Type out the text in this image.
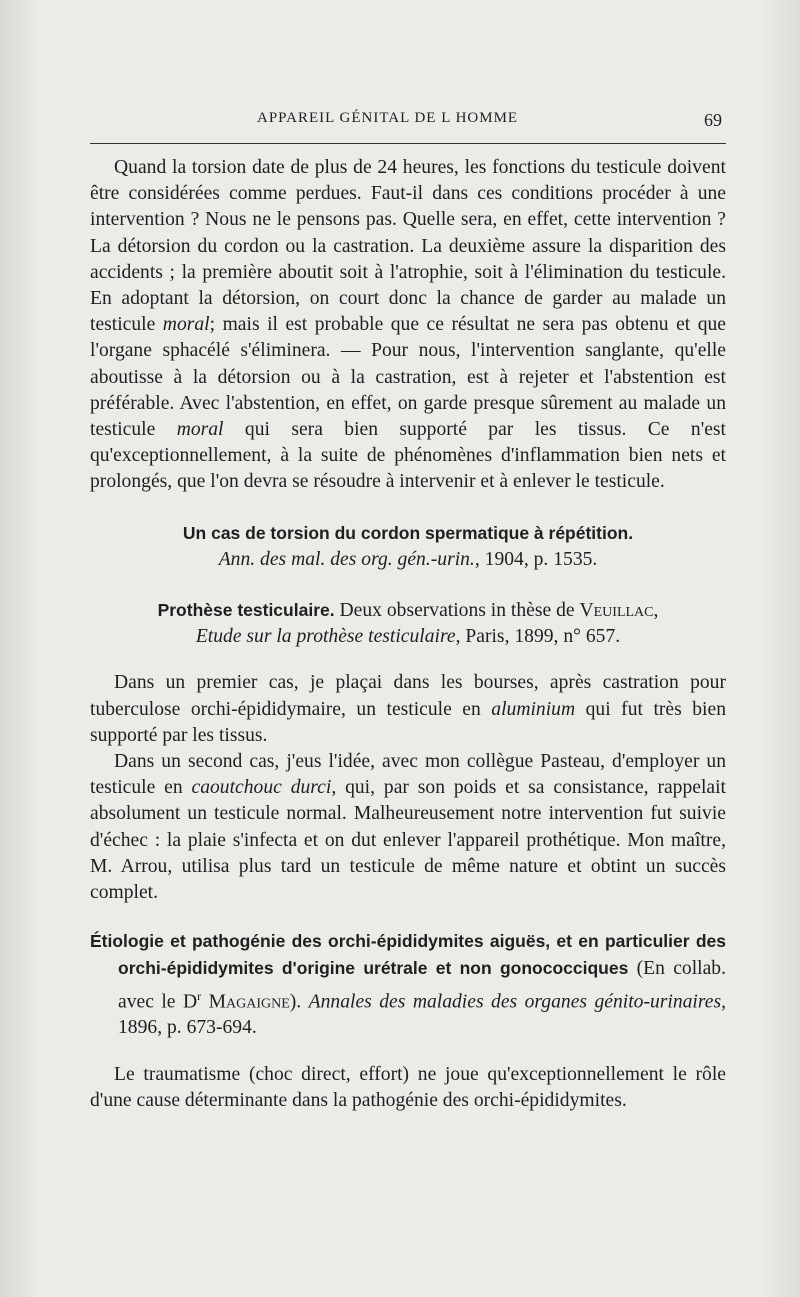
APPAREIL GÉNITAL DE L HOMME	69

Quand la torsion date de plus de 24 heures, les fonctions du testicule doivent être considérées comme perdues. Faut-il dans ces conditions procéder à une intervention ? Nous ne le pensons pas. Quelle sera, en effet, cette intervention ? La détorsion du cordon ou la castration. La deuxième assure la disparition des accidents ; la première aboutit soit à l'atrophie, soit à l'élimination du testicule. En adoptant la détorsion, on court donc la chance de garder au malade un testicule moral; mais il est probable que ce résultat ne sera pas obtenu et que l'organe sphacélé s'éliminera. — Pour nous, l'intervention sanglante, qu'elle aboutisse à la détorsion ou à la castration, est à rejeter et l'abstention est préférable. Avec l'abstention, en effet, on garde presque sûrement au malade un testicule moral qui sera bien supporté par les tissus. Ce n'est qu'exceptionnellement, à la suite de phénomènes d'inflammation bien nets et prolongés, que l'on devra se résoudre à intervenir et à enlever le testicule.

Un cas de torsion du cordon spermatique à répétition.
Ann. des mal. des org. gén.-urin., 1904, p. 1535.

Prothèse testiculaire. Deux observations in thèse de Veuillac,
Etude sur la prothèse testiculaire, Paris, 1899, n° 657.

Dans un premier cas, je plaçai dans les bourses, après castration pour tuberculose orchi-épididymaire, un testicule en aluminium qui fut très bien supporté par les tissus.

Dans un second cas, j'eus l'idée, avec mon collègue Pasteau, d'employer un testicule en caoutchouc durci, qui, par son poids et sa consistance, rappelait absolument un testicule normal. Malheureusement notre intervention fut suivie d'échec : la plaie s'infecta et on dut enlever l'appareil prothétique. Mon maître, M. Arrou, utilisa plus tard un testicule de même nature et obtint un succès complet.

Étiologie et pathogénie des orchi-épididymites aiguës, et en particulier des orchi-épididymites d'origine urétrale et non gonococciques (En collab. avec le $D^r$ Magaigne). Annales des maladies des organes génito-urinaires, 1896, p. 673-694.

Le traumatisme (choc direct, effort) ne joue qu'exceptionnellement le rôle d'une cause déterminante dans la pathogénie des orchi-épididymites.
